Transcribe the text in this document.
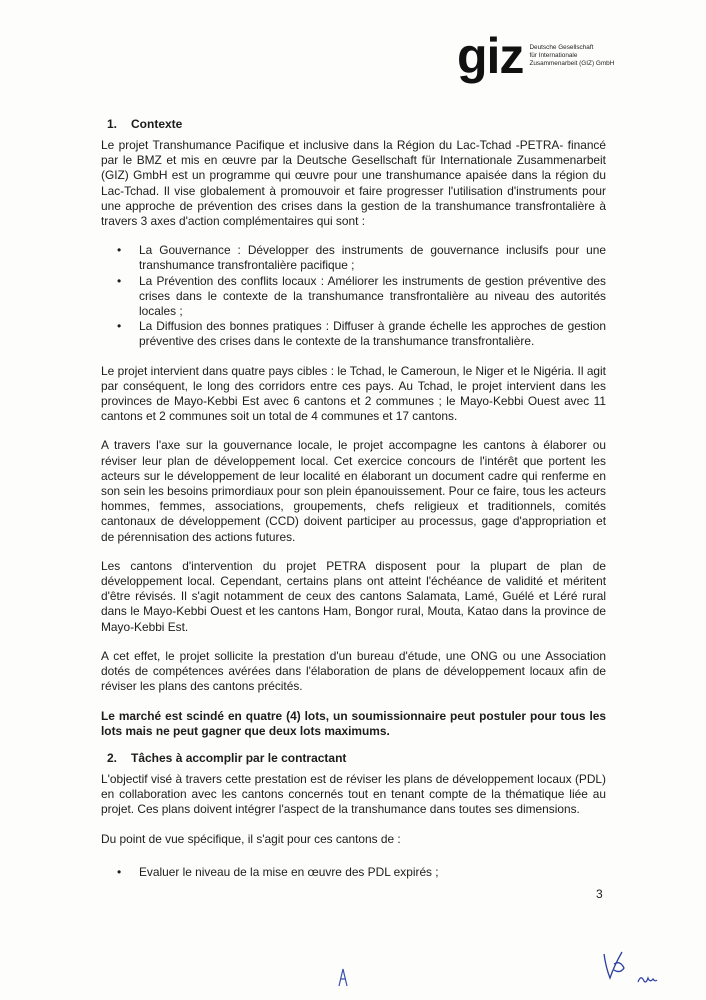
giz Deutsche Gesellschaft
für Internationale
Zusammenarbeit (GIZ) GmbH
1. Contexte

Le projet Transhumance Pacifique et inclusive dans la Région du Lac-Tchad -PETRA- financé par le BMZ et mis en œuvre par la Deutsche Gesellschaft für Internationale Zusammenarbeit (GIZ) GmbH est un programme qui œuvre pour une transhumance apaisée dans la région du Lac-Tchad. Il vise globalement à promouvoir et faire progresser l'utilisation d'instruments pour une approche de prévention des crises dans la gestion de la transhumance transfrontalière à travers 3 axes d'action complémentaires qui sont :

• La Gouvernance : Développer des instruments de gouvernance inclusifs pour une transhumance transfrontalière pacifique ;
• La Prévention des conflits locaux : Améliorer les instruments de gestion préventive des crises dans le contexte de la transhumance transfrontalière au niveau des autorités locales ;
• La Diffusion des bonnes pratiques : Diffuser à grande échelle les approches de gestion préventive des crises dans le contexte de la transhumance transfrontalière.

Le projet intervient dans quatre pays cibles : le Tchad, le Cameroun, le Niger et le Nigéria. Il agit par conséquent, le long des corridors entre ces pays. Au Tchad, le projet intervient dans les provinces de Mayo-Kebbi Est avec 6 cantons et 2 communes ; le Mayo-Kebbi Ouest avec 11 cantons et 2 communes soit un total de 4 communes et 17 cantons.

A travers l'axe sur la gouvernance locale, le projet accompagne les cantons à élaborer ou réviser leur plan de développement local. Cet exercice concours de l'intérêt que portent les acteurs sur le développement de leur localité en élaborant un document cadre qui renferme en son sein les besoins primordiaux pour son plein épanouissement. Pour ce faire, tous les acteurs hommes, femmes, associations, groupements, chefs religieux et traditionnels, comités cantonaux de développement (CCD) doivent participer au processus, gage d'appropriation et de pérennisation des actions futures.

Les cantons d'intervention du projet PETRA disposent pour la plupart de plan de développement local. Cependant, certains plans ont atteint l'échéance de validité et méritent d'être révisés. Il s'agit notamment de ceux des cantons Salamata, Lamé, Guélé et Léré rural dans le Mayo-Kebbi Ouest et les cantons Ham, Bongor rural, Mouta, Katao dans la province de Mayo-Kebbi Est.

A cet effet, le projet sollicite la prestation d'un bureau d'étude, une ONG ou une Association dotés de compétences avérées dans l'élaboration de plans de développement locaux afin de réviser les plans des cantons précités.

Le marché est scindé en quatre (4) lots, un soumissionnaire peut postuler pour tous les lots mais ne peut gagner que deux lots maximums.

2. Tâches à accomplir par le contractant

L'objectif visé à travers cette prestation est de réviser les plans de développement locaux (PDL) en collaboration avec les cantons concernés tout en tenant compte de la thématique liée au projet. Ces plans doivent intégrer l'aspect de la transhumance dans toutes ses dimensions.

Du point de vue spécifique, il s'agit pour ces cantons de :

• Evaluer le niveau de la mise en œuvre des PDL expirés ;
3
